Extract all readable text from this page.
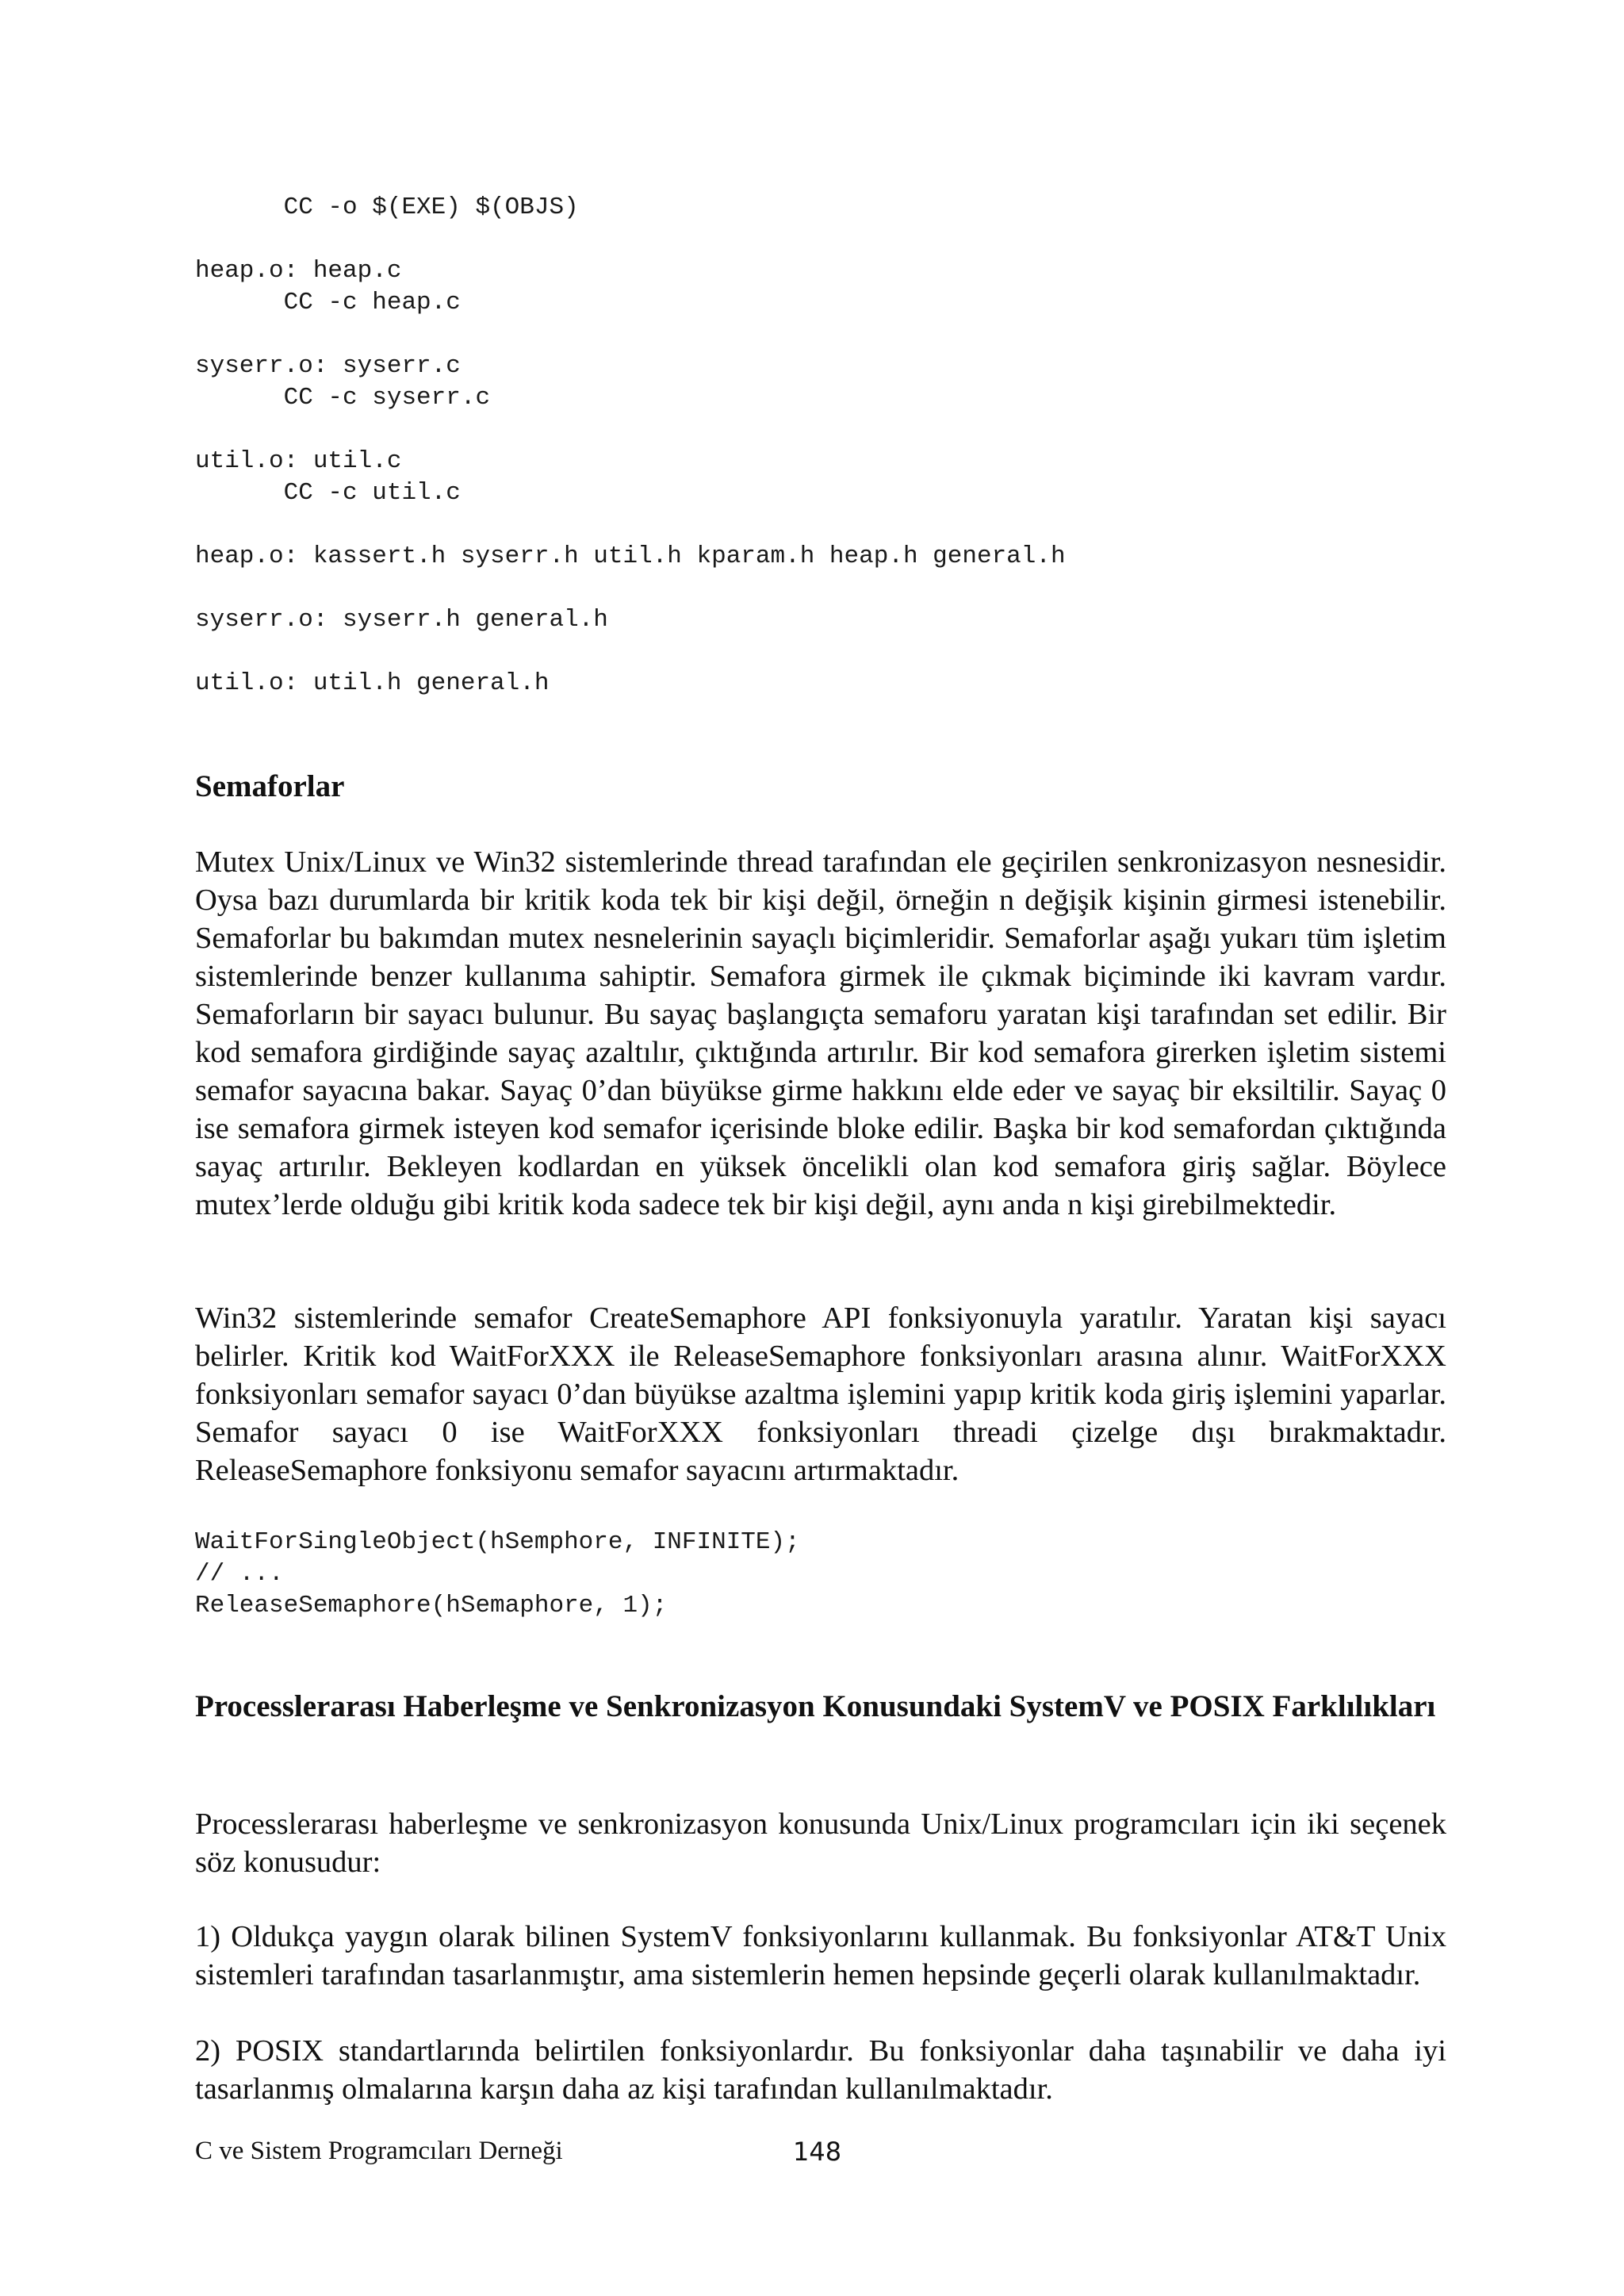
CC -o $(EXE) $(OBJS)

heap.o: heap.c
CC -c heap.c

syserr.o: syserr.c
CC -c syserr.c

util.o: util.c
CC -c util.c

heap.o: kassert.h syserr.h util.h kparam.h heap.h general.h

syserr.o: syserr.h general.h

util.o: util.h general.h
Semaforlar

Mutex Unix/Linux ve Win32 sistemlerinde thread tarafından ele geçirilen senkronizasyon nesnesidir. Oysa bazı durumlarda bir kritik koda tek bir kişi değil, örneğin n değişik kişinin girmesi istenebilir. Semaforlar bu bakımdan mutex nesnelerinin sayaçlı biçimleridir. Semaforlar aşağı yukarı tüm işletim sistemlerinde benzer kullanıma sahiptir. Semafora girmek ile çıkmak biçiminde iki kavram vardır. Semaforların bir sayacı bulunur. Bu sayaç başlangıçta semaforu yaratan kişi tarafından set edilir. Bir kod semafora girdiğinde sayaç azaltılır, çıktığında artırılır. Bir kod semafora girerken işletim sistemi semafor sayacına bakar. Sayaç 0’dan büyükse girme hakkını elde eder ve sayaç bir eksiltilir. Sayaç 0 ise semafora girmek isteyen kod semafor içerisinde bloke edilir. Başka bir kod semafordan çıktığında sayaç artırılır. Bekleyen kodlardan en yüksek öncelikli olan kod semafora giriş sağlar. Böylece mutex’lerde olduğu gibi kritik koda sadece tek bir kişi değil, aynı anda n kişi girebilmektedir.

Win32 sistemlerinde semafor CreateSemaphore API fonksiyonuyla yaratılır. Yaratan kişi sayacı belirler. Kritik kod WaitForXXX ile ReleaseSemaphore fonksiyonları arasına alınır. WaitForXXX fonksiyonları semafor sayacı 0’dan büyükse azaltma işlemini yapıp kritik koda giriş işlemini yaparlar. Semafor sayacı 0 ise WaitForXXX fonksiyonları threadi çizelge dışı bırakmaktadır. ReleaseSemaphore fonksiyonu semafor sayacını artırmaktadır.

WaitForSingleObject(hSemphore, INFINITE);
// ...
ReleaseSemaphore(hSemaphore, 1);
Processlerarası Haberleşme ve Senkronizasyon Konusundaki SystemV ve POSIX Farklılıkları

Processlerarası haberleşme ve senkronizasyon konusunda Unix/Linux programcıları için iki seçenek söz konusudur:

1) Oldukça yaygın olarak bilinen SystemV fonksiyonlarını kullanmak. Bu fonksiyonlar AT&T Unix sistemleri tarafından tasarlanmıştır, ama sistemlerin hemen hepsinde geçerli olarak kullanılmaktadır.

2) POSIX standartlarında belirtilen fonksiyonlardır. Bu fonksiyonlar daha taşınabilir ve daha iyi tasarlanmış olmalarına karşın daha az kişi tarafından kullanılmaktadır.

C ve Sistem Programcıları Derneği	148
